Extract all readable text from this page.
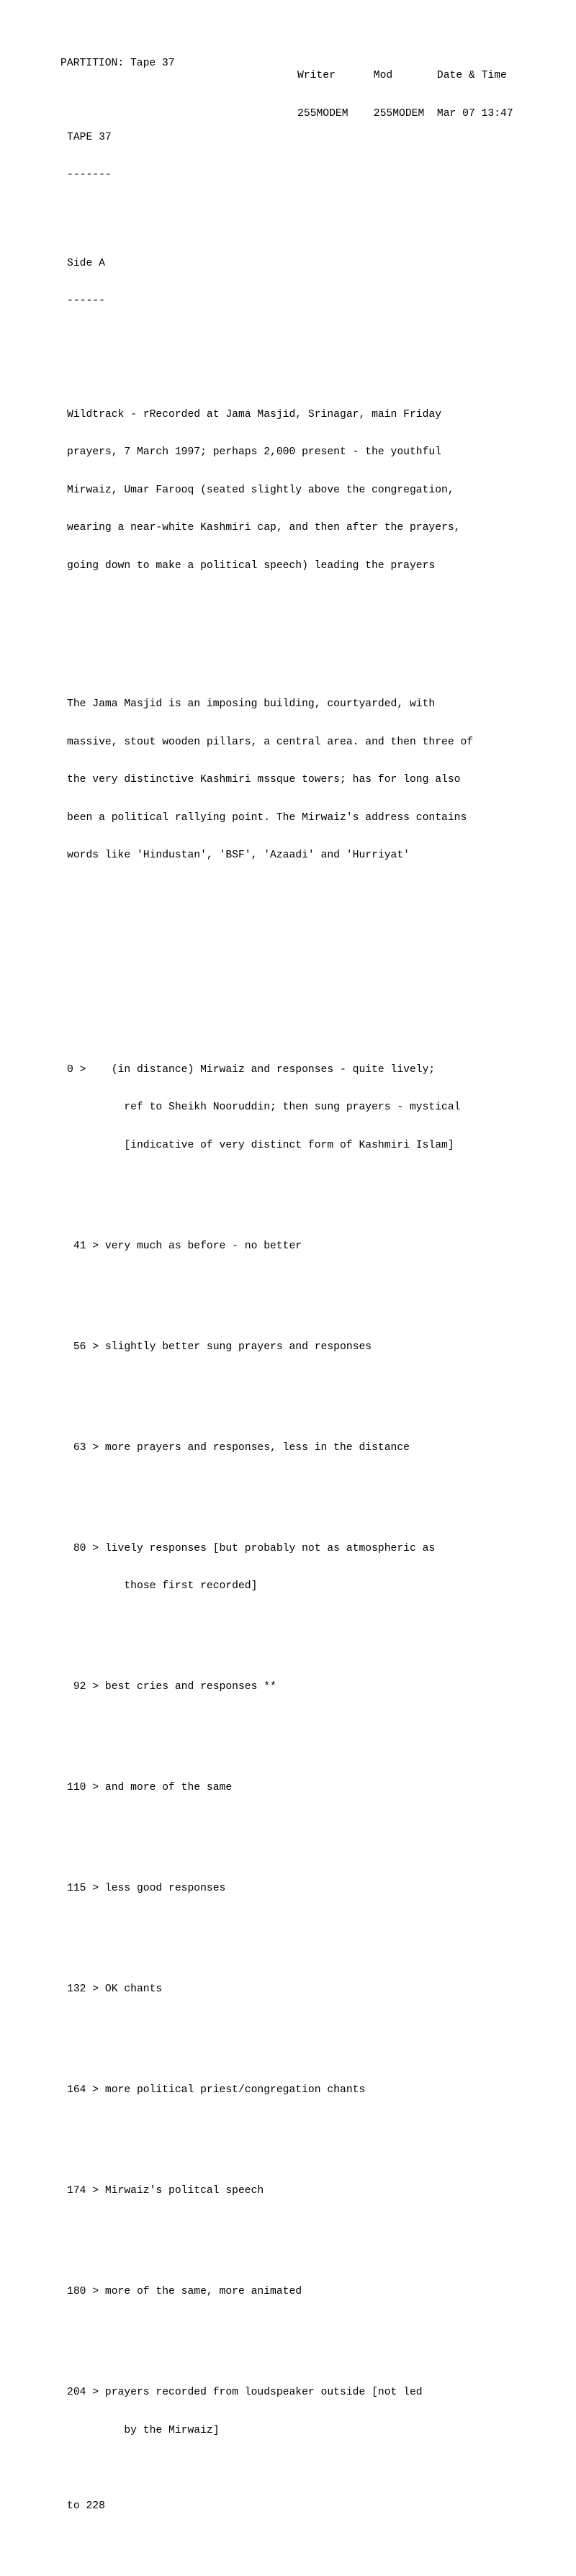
PARTITION: Tape 37

Writer      Mod       Date & Time

255MODEM    255MODEM  Mar 07 13:47

TAPE 37

-------

Side A

------

Wildtrack - rRecorded at Jama Masjid, Srinagar, main Friday

prayers, 7 March 1997; perhaps 2,000 present - the youthful

Mirwaiz, Umar Farooq (seated slightly above the congregation,

wearing a near-white Kashmiri cap, and then after the prayers,

going down to make a political speech) leading the prayers

The Jama Masjid is an imposing building, courtyarded, with

massive, stout wooden pillars, a central area. and then three of

the very distinctive Kashmiri mssque towers; has for long also

been a political rallying point. The Mirwaiz's address contains

words like 'Hindustan', 'BSF', 'Azaadi' and 'Hurriyat'

0 >    (in distance) Mirwaiz and responses - quite lively;

ref to Sheikh Nooruddin; then sung prayers - mystical

[indicative of very distinct form of Kashmiri Islam]

41 > very much as before - no better

56 > slightly better sung prayers and responses

63 > more prayers and responses, less in the distance

80 > lively responses [but probably not as atmospheric as

those first recorded]

92 > best cries and responses **

110 > and more of the same

115 > less good responses

132 > OK chants

164 > more political priest/congregation chants

174 > Mirwaiz's politcal speech

180 > more of the same, more animated

204 > prayers recorded from loudspeaker outside [not led

by the Mirwaiz]

to 228
